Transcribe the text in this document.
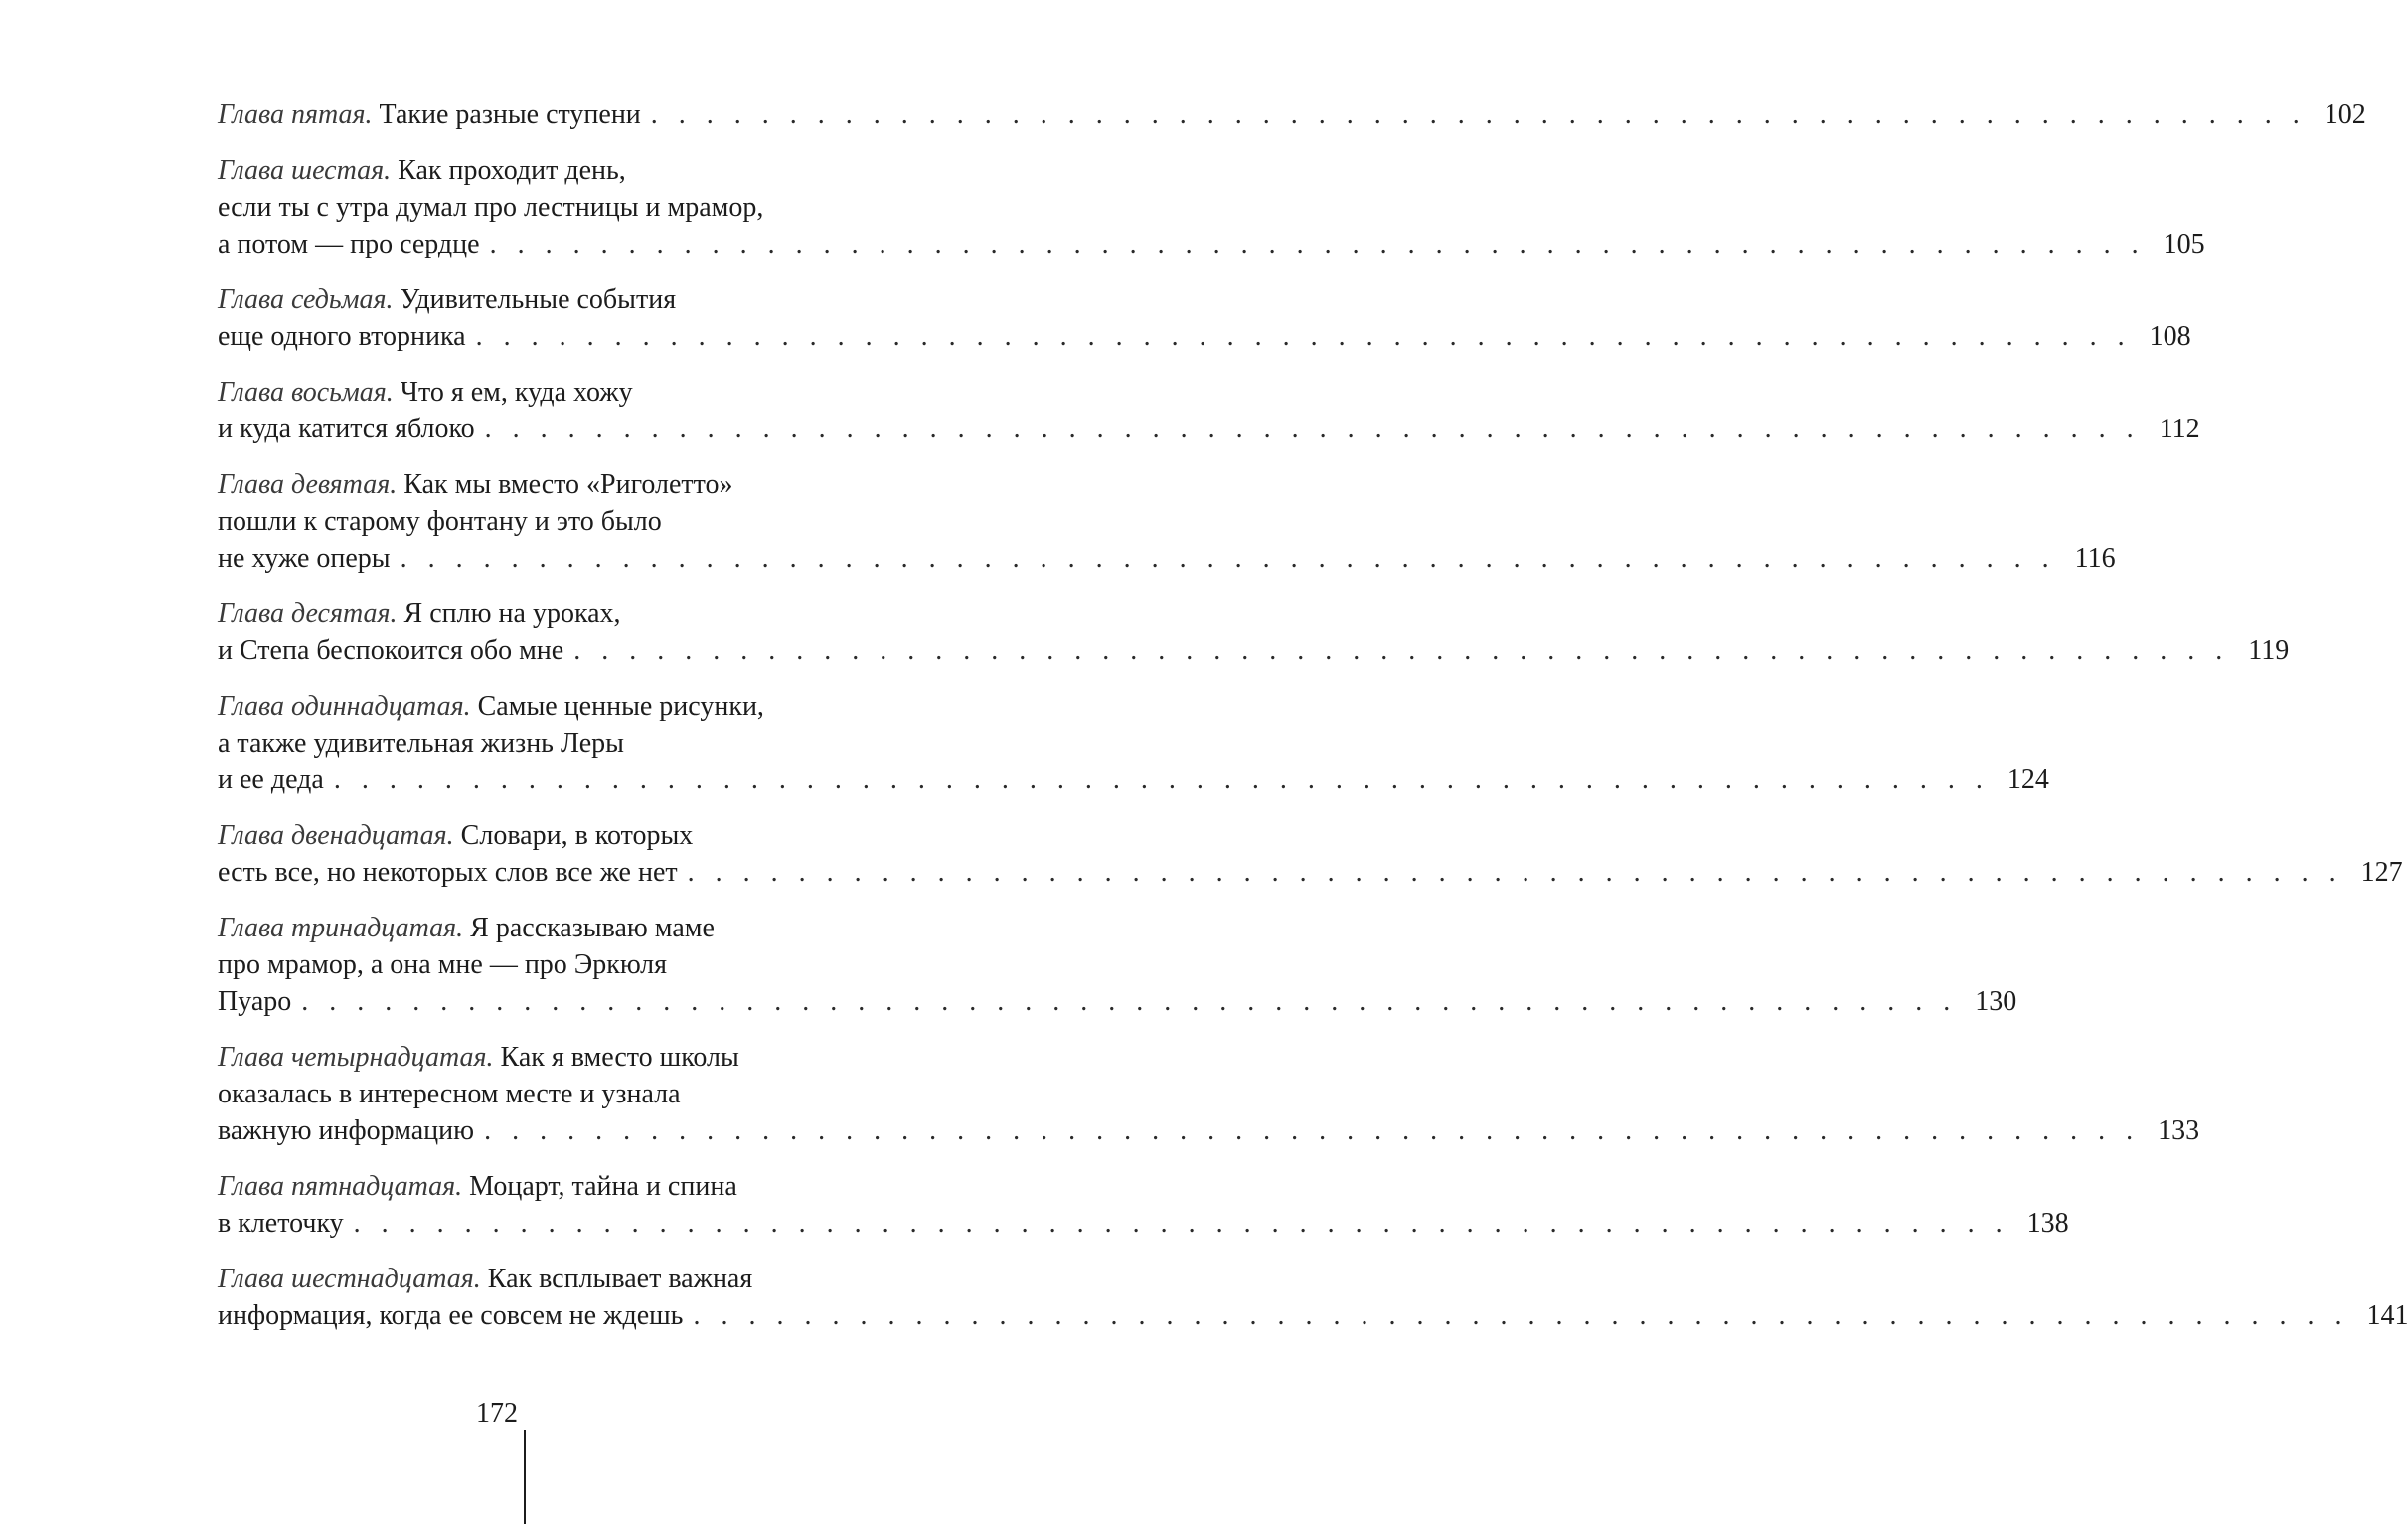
Глава пятая. Такие разные ступени . . . . . . . . . . . . . . . . . . . . . . . . . . . . . . . . . . . . . . . . . . . . . . . . . . . . . . . . . . . . 102
Глава шестая. Как проходит день,
если ты с утра думал про лестницы и мрамор,
а потом — про сердце . . . . . . . . . . . . . . . . . . . . . . . . . . . . . . . . . . . . . . . . . . . . . . . . . . . . . . . . . . . . 105
Глава седьмая. Удивительные события
еще одного вторника . . . . . . . . . . . . . . . . . . . . . . . . . . . . . . . . . . . . . . . . . . . . . . . . . . . . . . . . . . . . 108
Глава восьмая. Что я ем, куда хожу
и куда катится яблоко . . . . . . . . . . . . . . . . . . . . . . . . . . . . . . . . . . . . . . . . . . . . . . . . . . . . . . . . . . . . 112
Глава девятая. Как мы вместо «Риголетто»
пошли к старому фонтану и это было
не хуже оперы . . . . . . . . . . . . . . . . . . . . . . . . . . . . . . . . . . . . . . . . . . . . . . . . . . . . . . . . . . . . 116
Глава десятая. Я сплю на уроках,
и Степа беспокоится обо мне . . . . . . . . . . . . . . . . . . . . . . . . . . . . . . . . . . . . . . . . . . . . . . . . . . . . . . . . . . . . 119
Глава одиннадцатая. Самые ценные рисунки,
а также удивительная жизнь Леры
и ее деда . . . . . . . . . . . . . . . . . . . . . . . . . . . . . . . . . . . . . . . . . . . . . . . . . . . . . . . . . . . . 124
Глава двенадцатая. Словари, в которых
есть все, но некоторых слов все же нет . . . . . . . . . . . . . . . . . . . . . . . . . . . . . . . . . . . . . . . . . . . . . . . . . . . . . . . . . . . . 127
Глава тринадцатая. Я рассказываю маме
про мрамор, а она мне — про Эркюля
Пуаро . . . . . . . . . . . . . . . . . . . . . . . . . . . . . . . . . . . . . . . . . . . . . . . . . . . . . . . . . . . . 130
Глава четырнадцатая. Как я вместо школы
оказалась в интересном месте и узнала
важную информацию . . . . . . . . . . . . . . . . . . . . . . . . . . . . . . . . . . . . . . . . . . . . . . . . . . . . . . . . . . . . 133
Глава пятнадцатая. Моцарт, тайна и спина
в клеточку . . . . . . . . . . . . . . . . . . . . . . . . . . . . . . . . . . . . . . . . . . . . . . . . . . . . . . . . . . . . 138
Глава шестнадцатая. Как всплывает важная
информация, когда ее совсем не ждешь . . . . . . . . . . . . . . . . . . . . . . . . . . . . . . . . . . . . . . . . . . . . . . . . . . . . . . . . . . . . 141
172
